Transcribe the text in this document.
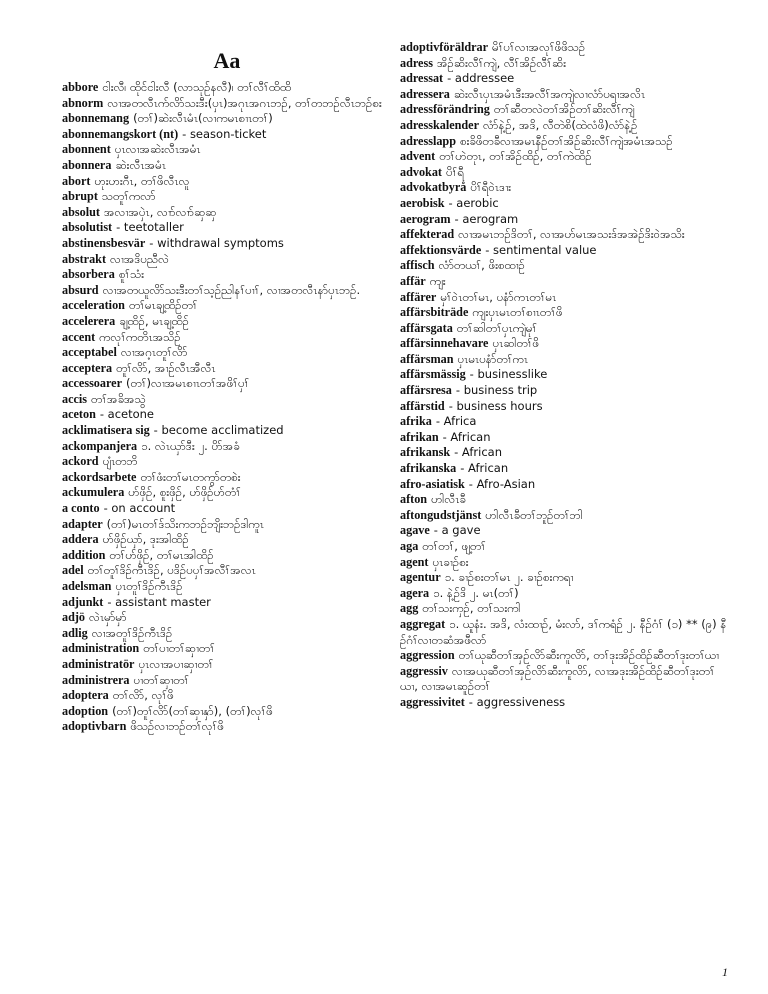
Aa

abbore ငါးလီ၊ ထိုင်ငါးလီ (လာသုဉ်နလီ)၊ တၢ်လီၢ်ထိထိ

abnorm လၢအတလီၤက်လိာ်သးဒီး(ပှၤ)အဂုၤအဂၤဘဉ်, တၢ်တဘဉ်လီၤဘဉ်စး

abonnemang (တၢ်)ဆဲးလီၤမံၤ(လၢကမၤစၢၤတၢ်)

abonnemangskort (nt) - season-ticket

abonnent ပှၤလၢအဆဲးလီၤအမံၤ

abonnera ဆဲးလီၤအမံၤ

abort ဟုးဟးဂီၤ, တၢ်ဖိလီၤလူ

abrupt သတူၢ်ကလာ်

absolut အလၢအပှဲၤ, လၢာ်လၢာ်ဆှဆှ

absolutist - teetotaller

abstinensbesvär - withdrawal symptoms

abstrakt လၢအဒိပညီလဲ

absorbera စူၢ်သံး

absurd လၢအတယူလိာ်သးဒီးတၢ်သ့ဉ်ညါနၢ်ပၢၢ်, လၢအတလီၤနာ်ပှၤဘဉ်.

acceleration တၢ်မၤချ့ထိဉ်တၢ်

accelerera ချ့ထိဉ်, မၤချ့ထိဉ်

accent ကလုၢ်ကတိၤအသိဉ်

acceptabel လၢအဂ့ၤတူၢ်လိာ်

acceptera တူၢ်လိာ်, အၢဉ်လီၤအီလီၤ

accessoarer (တၢ်)လၢအမၤစၢၤတၢ်အဖိၢ်ပှၢ်

accis တၢ်အခိအသွဲ

aceton - acetone

acklimatisera sig - become acclimatized

ackompanjera ၁. လဲၤယှာ်ဒီး ၂. ပိာ်အခံ

ackord ပျံၤတဘိ

ackordsarbete တၢ်ဖံးတၢ်မၤတကွာ်တစဲး

ackumulera ဟ်ဖှိဉ်, စူးဖှိဉ်, ဟ်ဖှိဉ်ဟ်တံၢ်

a conto - on account

adapter (တၢ်)မၤတၢ်ဒ်သိးကဘဉ်ဘျိးဘဉ်ဒါကူၤ

addera ဟ်ဖှိဉ်ယှာ်, ဒုးအါထိဉ်

addition တၢ်ဟ်ဖှိဉ်, တၢ်မၤအါထိဉ်

adel တၢ်တူၢ်ဒိဉ်ကီၤဒိဉ်, ပဒိဉ်ပပှၢ်အလီၢ်အလၤ

adelsman ပှၤတူၢ်ဒိဉ်ကီၤဒိဉ်

adjunkt - assistant master

adjö လဲၤမှာ်မှာ်

adlig လၢအတူၢ်ဒိဉ်ကီၤဒိဉ်

administration တၢ်ပၢတၢ်ဆှၢတၢ်

administratör ပှၤလၢအပၢဆှၢတၢ်

administrera ပၢတၢ်ဆှၢတၢ်

adoptera တၢ်လိာ်, လုၢ်ဖိ

adoption (တၢ်)တူၢ်လိာ်(တၢ်ဆှၢနှာ်), (တၢ်)လုၢ်ဖိ

adoptivbarn ဖိသဉ်လၢဘဉ်တၢ်လုၢ်ဖိ

adoptivföräldrar မိၢ်ပၢ်လၢအလုၢ်ဖိဖိသဉ်

adress အိဉ်ဆိးလီၢ်ကျဲ, လီၢ်အိဉ်လီၢ်ဆိး

adressat - addressee

adressera ဆဲးလီၤပှၤအမံၤဒီးအလီၢ်အကျဲလၢလံာ်ပရၢအလိၤ

adressförändring တၢ်ဆီတလဲတၢ်အိဉ်တၢ်ဆိးလီၢ်ကျဲ

adresskalender လံာ်နဲ့ဉ်, အဒိ, လီတဲစိ(ထဲလံဖိ)လံာ်နဲ့ဉ်

adresslapp စးခိဖိတခီလၢအမၤနီဉ်တၢ်အိဉ်ဆိးလီၢ်ကျဲအမံၤအသဉ်

advent တၢ်ဟဲတုၤ, တၢ်အိဉ်ထိဉ်, တၢ်ကဲထိဉ်

advokat ပိၢ်ရီ

advokatbyrå ပိၢ်ရီဝဲၤဒၢး

aerobisk - aerobic

aerogram - aerogram

affekterad လၢအမၤဘဉ်ဒိတၢ်, လၢအဟ်မၤအသးဒ်အအဲဉ်ဒိးဝဲအသိး

affektionsvärde - sentimental value

affisch လံာ်တယၢ်, ဖိးစထၢဉ်

affär ကျး

affärer မှၢ်ဝဲၤတၢ်မၤ, ပနံာ်ကၤတၢ်မၤ

affärsbiträde ကျးပှၤမၤတၢ်စၢၤတၢ်ဖိ

affärsgata တၢ်ဆါတၢ်ပှၤကျဲမုၢ်

affärsinnehavare ပှၤဆါတၢ်ဖိ

affärsman ပှၤမၤပနံာ်တၢ်ကၤ

affärsmässig - businesslike

affärsresa - business trip

affärstid - business hours

afrika - Africa

afrikan - African

afrikansk - African

afrikanska - African

afro-asiatisk - Afro-Asian

afton ဟါလီၤခီ

aftongudstjänst ဟါလီၤခီတၢ်ဘူဉ်တၢ်ဘါ

agave - a gave

aga တၢ်တၢ်, ဖျ့တၢ်

agent ပှၤခၢဉ်စး

agentur ၁. ခၢဉ်စးတၢ်မၤ ၂. ခၢဉ်စးကရၢ

agera ၁. နဲ့ဉ်ဒိ ၂. မၤ(တၢ်)

agg တၢ်သးကှဉ်, တၢ်သးကါ

aggregat ၁. ယူနံး. အဒိ, လံးထၢဉ်, မံးလာ်, ဒၢ်ကရံဉ် ၂. နီဉ်ဂံၢ် (၁) ** (၉) နီဉ်ဂံၢ်လၢတဆံအဖီလာ်

aggression တၢ်ယုဆီတၢ်အှဉ်လိာ်ဆီးကူလိာ်, တၢ်ဒုးအိဉ်ထိဉ်ဆီတၢ်ဒုးတၢ်ယၢ

aggressiv လၢအယုဆီတၢ်အှဉ်လိာ်ဆီးကူလိာ်, လၢအဒုးအိဉ်ထိဉ်ဆီတၢ်ဒုးတၢ်ယၢ, လၢအမၤဆူဉ်တၢ်

aggressivitet - aggressiveness

1
